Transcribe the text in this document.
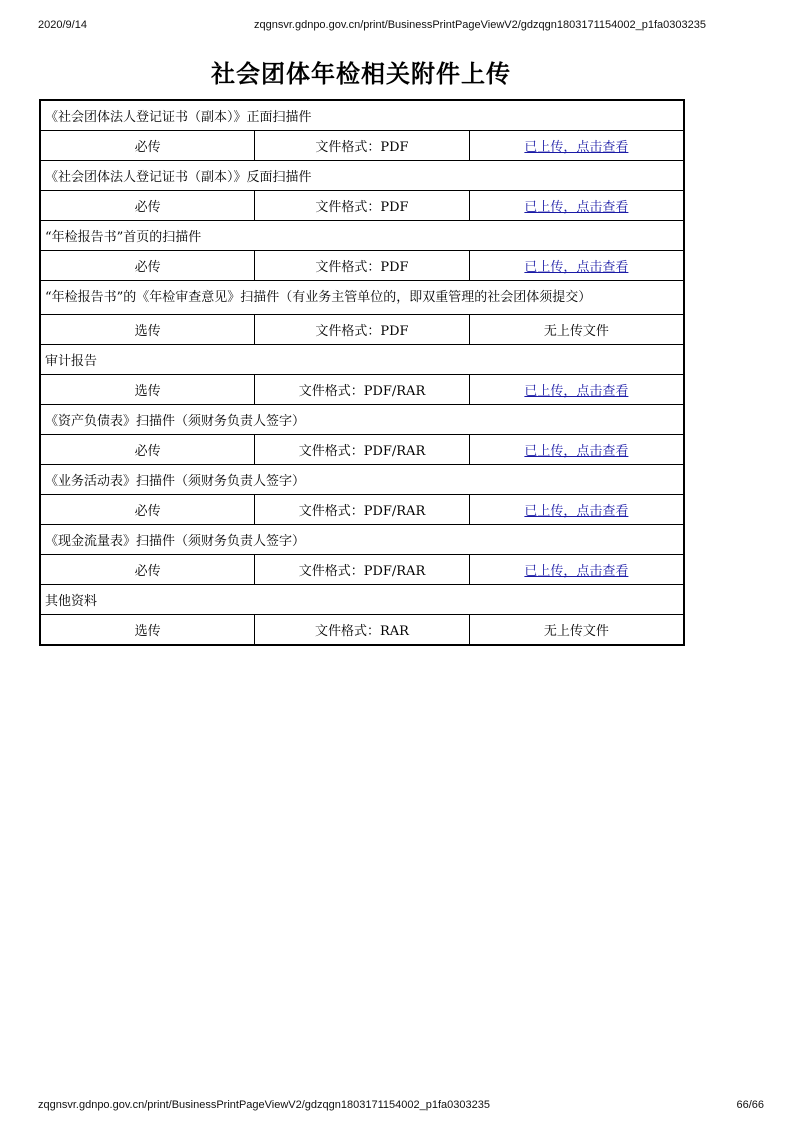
2020/9/14	zqgnsvr.gdnpo.gov.cn/print/BusinessPrintPageViewV2/gdzqgn1803171154002_p1fa0303235
社会团体年检相关附件上传
《社会团体法人登记证书（副本）》正面扫描件		
必传	文件格式：PDF	已上传，点击查看
《社会团体法人登记证书（副本）》反面扫描件		
必传	文件格式：PDF	已上传，点击查看
“年检报告书”首页的扫描件		
必传	文件格式：PDF	已上传，点击查看
“年检报告书”的《年检审查意见》扫描件（有业务主管单位的，即双重管理的社会团体须提交）		
选传	文件格式：PDF	无上传文件
审计报告		
选传	文件格式：PDF/RAR	已上传，点击查看
《资产负债表》扫描件（须财务负责人签字）		
必传	文件格式：PDF/RAR	已上传，点击查看
《业务活动表》扫描件（须财务负责人签字）		
必传	文件格式：PDF/RAR	已上传，点击查看
《现金流量表》扫描件（须财务负责人签字）		
必传	文件格式：PDF/RAR	已上传，点击查看
其他资料		
选传	文件格式：RAR	无上传文件
zqgnsvr.gdnpo.gov.cn/print/BusinessPrintPageViewV2/gdzqgn1803171154002_p1fa0303235	66/66
